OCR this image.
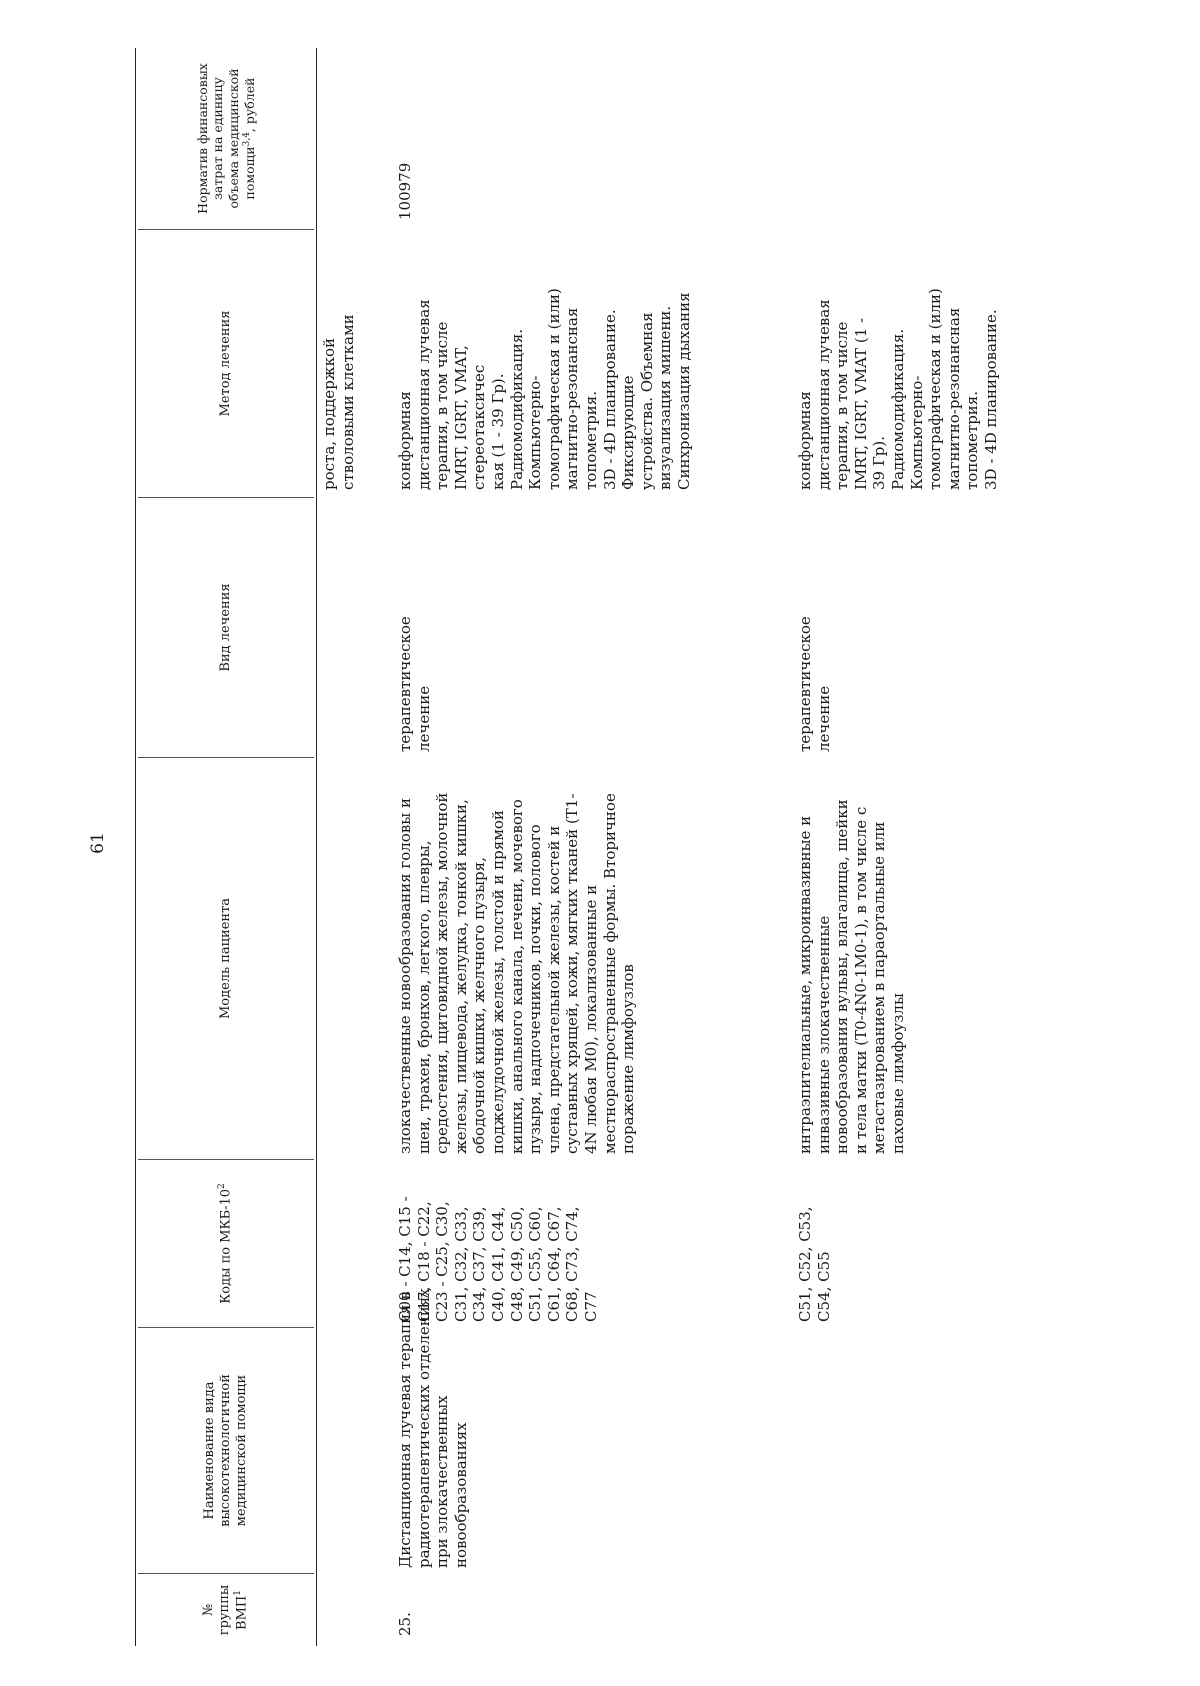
61
№ группы ВМП$^1$
Наименование вида высокотехнологичной медицинской помощи
Коды по МКБ-$10^2$
Модель пациента
Вид лечения
Метод лечения
Норматив финансовых затрат на единицу объема медицинской помощи$^{3,4}$, рублей
роста, поддержкой стволовыми клетками
25.
Дистанционная лучевая терапия в радиотерапевтических отделениях при злокачественных новообразованиях
C00 - C14, C15 - C17, C18 - C22, C23 - C25, C30, C31, C32, C33, C34, C37, C39, C40, C41, C44, C48, C49, C50, C51, C55, C60, C61, C64, C67, C68, C73, C74, C77
злокачественные новообразования головы и шеи, трахеи, бронхов, легкого, плевры, средостения, щитовидной железы, молочной железы, пищевода, желудка, тонкой кишки, ободочной кишки, желчного пузыря, поджелудочной железы, толстой и прямой кишки, анального канала, печени, мочевого пузыря, надпочечников, почки, полового члена, предстательной железы, костей и суставных хрящей, кожи, мягких тканей (T1- 4N любая M0), локализованные и местнораспространенные формы. Вторичное поражение лимфоузлов
терапевтическое лечение
конформная дистанционная лучевая терапия, в том числе IMRT, IGRT, VMAT, стереотаксичес кая (1 - 39 Гр). Радиомодификация. Компьютерно- томографическая и (или) магнитно-резонансная топометрия. 3D - 4D планирование. Фиксирующие устройства. Объемная визуализация мишени. Синхронизация дыхания
100979
C51, C52, C53, C54, C55
интраэпителиальные, микроинвазивные и инвазивные злокачественные новообразования вульвы, влагалища, шейки и тела матки (T0-4N0-1M0-1), в том числе с метастазированием в параортальные или паховые лимфоузлы
терапевтическое лечение
конформная дистанционная лучевая терапия, в том числе IMRT, IGRT, VMAT (1 - 39 Гр). Радиомодификация. Компьютерно- томографическая и (или) магнитно-резонансная топометрия. 3D - 4D планирование.
